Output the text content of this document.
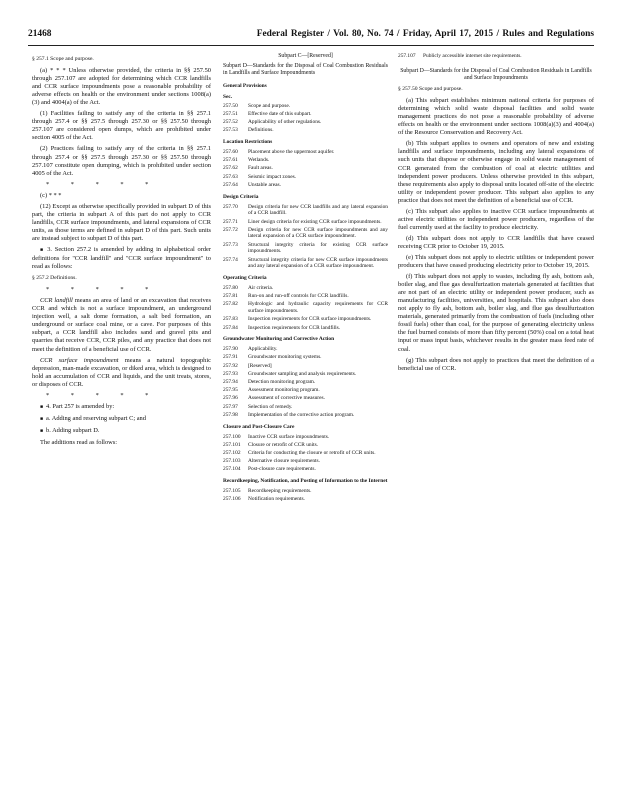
21468	Federal Register / Vol. 80, No. 74 / Friday, April 17, 2015 / Rules and Regulations

§ 257.1 Scope and purpose.

(a) * * * Unless otherwise provided, the criteria in §§ 257.50 through 257.107 are adopted for determining which CCR landfills and CCR surface impoundments pose a reasonable probability of adverse effects on health or the environment under sections 1008(a)(3) and 4004(a) of the Act.

(1) Facilities failing to satisfy any of the criteria in §§ 257.1 through 257.4 or §§ 257.5 through 257.30 or §§ 257.50 through 257.107 are considered open dumps, which are prohibited under section 4005 of the Act.

(2) Practices failing to satisfy any of the criteria in §§ 257.1 through 257.4 or §§ 257.5 through 257.30 or §§ 257.50 through 257.107 constitute open dumping, which is prohibited under section 4005 of the Act.

* * * * *

(c) * * *

(12) Except as otherwise specifically provided in subpart D of this part, the criteria in subpart A of this part do not apply to CCR landfills, CCR surface impoundments, and lateral expansions of CCR units, as those terms are defined in subpart D of this part. Such units are instead subject to subpart D of this part.

■ 3. Section 257.2 is amended by adding in alphabetical order definitions for ''CCR landfill'' and ''CCR surface impoundment'' to read as follows:

§ 257.2 Definitions.

* * * * *

CCR landfill means an area of land or an excavation that receives CCR and which is not a surface impoundment, an underground injection well, a salt dome formation, a salt bed formation, an underground or surface coal mine, or a cave. For purposes of this subpart, a CCR landfill also includes sand and gravel pits and quarries that receive CCR, CCR piles, and any practice that does not meet the definition of a beneficial use of CCR.

CCR surface impoundment means a natural topographic depression, man-made excavation, or diked area, which is designed to hold an accumulation of CCR and liquids, and the unit treats, stores, or disposes of CCR.

* * * * *

■ 4. Part 257 is amended by:

■ a. Adding and reserving subpart C; and

■ b. Adding subpart D.

The additions read as follows:

Subpart C—[Reserved]

Subpart D—Standards for the Disposal of Coal Combustion Residuals in Landfills and Surface Impoundments

General Provisions

Sec.

257.50	Scope and purpose.
257.51	Effective date of this subpart.
257.52	Applicability of other regulations.
257.53	Definitions.

Location Restrictions

257.60	Placement above the uppermost aquifer.
257.61	Wetlands.
257.62	Fault areas.
257.63	Seismic impact zones.
257.64	Unstable areas.

Design Criteria

257.70	Design criteria for new CCR landfills and any lateral expansion of a CCR landfill.
257.71	Liner design criteria for existing CCR surface impoundments.
257.72	Design criteria for new CCR surface impoundments and any lateral expansion of a CCR surface impoundment.
257.73	Structural integrity criteria for existing CCR surface impoundments.
257.74	Structural integrity criteria for new CCR surface impoundments and any lateral expansion of a CCR surface impoundment.

Operating Criteria

257.80	Air criteria.
257.81	Run-on and run-off controls for CCR landfills.
257.82	Hydrologic and hydraulic capacity requirements for CCR surface impoundments.
257.83	Inspection requirements for CCR surface impoundments.
257.84	Inspection requirements for CCR landfills.

Groundwater Monitoring and Corrective Action

257.90	Applicability.
257.91	Groundwater monitoring systems.
257.92	[Reserved]
257.93	Groundwater sampling and analysis requirements.
257.94	Detection monitoring program.
257.95	Assessment monitoring program.
257.96	Assessment of corrective measures.
257.97	Selection of remedy.
257.98	Implementation of the corrective action program.

Closure and Post-Closure Care

257.100	Inactive CCR surface impoundments.
257.101	Closure or retrofit of CCR units.
257.102	Criteria for conducting the closure or retrofit of CCR units.
257.103	Alternative closure requirements.
257.104	Post-closure care requirements.

Recordkeeping, Notification, and Posting of Information to the Internet

257.105	Recordkeeping requirements.
257.106	Notification requirements.
257.107	Publicly accessible internet site requirements.

Subpart D—Standards for the Disposal of Coal Combustion Residuals in Landfills and Surface Impoundments

§ 257.50 Scope and purpose.

(a) This subpart establishes minimum national criteria for purposes of determining which solid waste disposal facilities and solid waste management practices do not pose a reasonable probability of adverse effects on health or the environment under sections 1008(a)(3) and 4004(a) of the Resource Conservation and Recovery Act.

(b) This subpart applies to owners and operators of new and existing landfills and surface impoundments, including any lateral expansions of such units that dispose or otherwise engage in solid waste management of CCR generated from the combustion of coal at electric utilities and independent power producers. Unless otherwise provided in this subpart, these requirements also apply to disposal units located off-site of the electric utility or independent power producer. This subpart also applies to any practice that does not meet the definition of a beneficial use of CCR.

(c) This subpart also applies to inactive CCR surface impoundments at active electric utilities or independent power producers, regardless of the fuel currently used at the facility to produce electricity.

(d) This subpart does not apply to CCR landfills that have ceased receiving CCR prior to October 19, 2015.

(e) This subpart does not apply to electric utilities or independent power producers that have ceased producing electricity prior to October 19, 2015.

(f) This subpart does not apply to wastes, including fly ash, bottom ash, boiler slag, and flue gas desulfurization materials generated at facilities that are not part of an electric utility or independent power producer, such as manufacturing facilities, universities, and hospitals. This subpart also does not apply to fly ash, bottom ash, boiler slag, and flue gas desulfurization materials, generated primarily from the combustion of fuels (including other fossil fuels) other than coal, for the purpose of generating electricity unless the fuel burned consists of more than fifty percent (50%) coal on a total heat input or mass input basis, whichever results in the greater mass feed rate of coal.

(g) This subpart does not apply to practices that meet the definition of a beneficial use of CCR.
